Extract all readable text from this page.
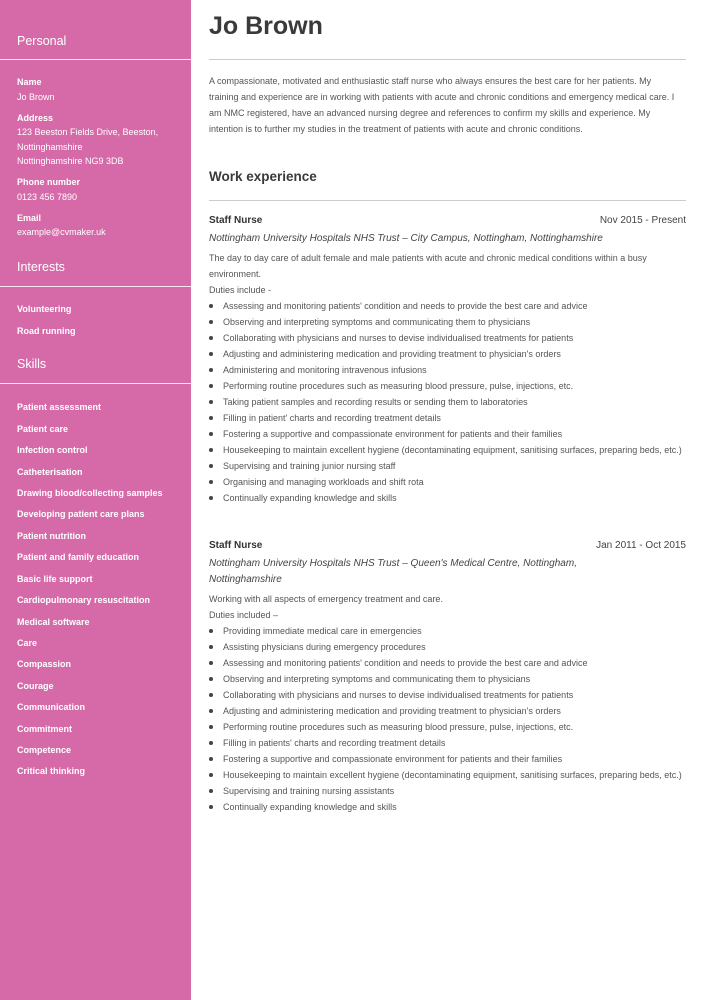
Personal
Name
Jo Brown
Address
123 Beeston Fields Drive, Beeston,
Nottinghamshire
Nottinghamshire NG9 3DB
Phone number
0123 456 7890
Email
example@cvmaker.uk
Interests
Volunteering
Road running
Skills
Patient assessment
Patient care
Infection control
Catheterisation
Drawing blood/collecting samples
Developing patient care plans
Patient nutrition
Patient and family education
Basic life support
Cardiopulmonary resuscitation
Medical software
Care
Compassion
Courage
Communication
Commitment
Competence
Critical thinking
Jo Brown
A compassionate, motivated and enthusiastic staff nurse who always ensures the best care for her patients. My training and experience are in working with patients with acute and chronic conditions and emergency medical care. I am NMC registered, have an advanced nursing degree and references to confirm my skills and experience. My intention is to further my studies in the treatment of patients with acute and chronic conditions.
Work experience
Staff Nurse	Nov 2015 - Present
Nottingham University Hospitals NHS Trust – City Campus, Nottingham, Nottinghamshire
The day to day care of adult female and male patients with acute and chronic medical conditions within a busy environment.
Duties include -
Assessing and monitoring patients' condition and needs to provide the best care and advice
Observing and interpreting symptoms and communicating them to physicians
Collaborating with physicians and nurses to devise individualised treatments for patients
Adjusting and administering medication and providing treatment to physician's orders
Administering and monitoring intravenous infusions
Performing routine procedures such as measuring blood pressure, pulse, injections, etc.
Taking patient samples and recording results or sending them to laboratories
Filling in patient' charts and recording treatment details
Fostering a supportive and compassionate environment for patients and their families
Housekeeping to maintain excellent hygiene (decontaminating equipment, sanitising surfaces, preparing beds, etc.)
Supervising and training junior nursing staff
Organising and managing workloads and shift rota
Continually expanding knowledge and skills
Staff Nurse	Jan 2011 - Oct 2015
Nottingham University Hospitals NHS Trust – Queen's Medical Centre, Nottingham, Nottinghamshire
Working with all aspects of emergency treatment and care.
Duties included –
Providing immediate medical care in emergencies
Assisting physicians during emergency procedures
Assessing and monitoring patients' condition and needs to provide the best care and advice
Observing and interpreting symptoms and communicating them to physicians
Collaborating with physicians and nurses to devise individualised treatments for patients
Adjusting and administering medication and providing treatment to physician's orders
Performing routine procedures such as measuring blood pressure, pulse, injections, etc.
Filling in patients' charts and recording treatment details
Fostering a supportive and compassionate environment for patients and their families
Housekeeping to maintain excellent hygiene (decontaminating equipment, sanitising surfaces, preparing beds, etc.)
Supervising and training nursing assistants
Continually expanding knowledge and skills
